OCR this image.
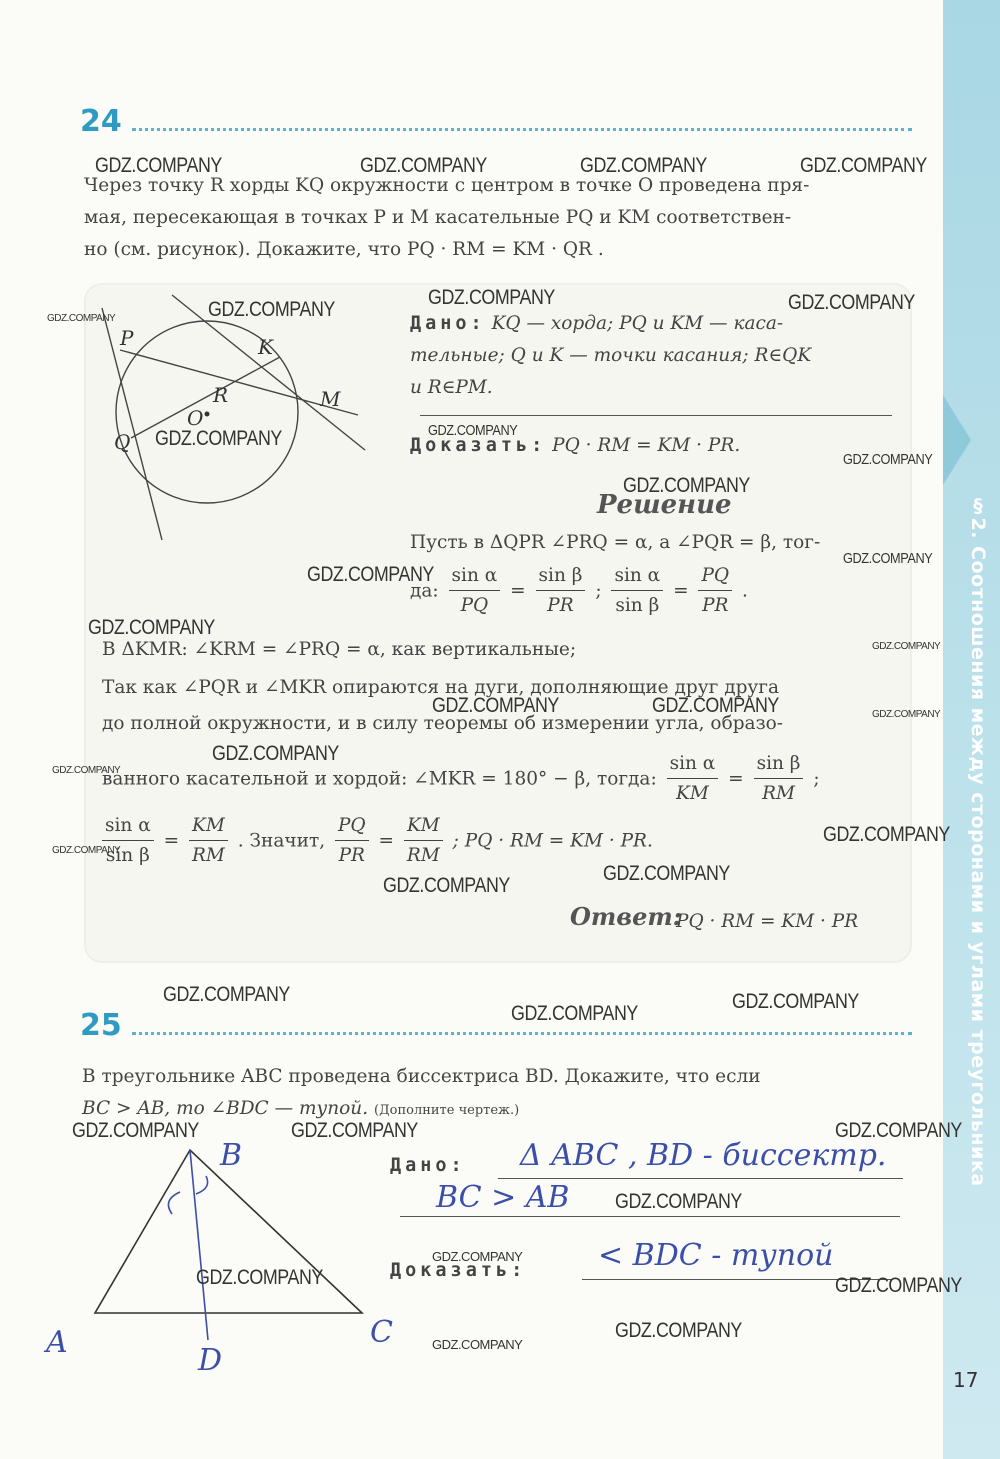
§2. Соотношения между сторонами и углами треугольника
24
Через точку R хорды KQ окружности с центром в точке O проведена пря-
мая, пересекающая в точках P и M касательные PQ и KM соответствен-
но (см. рисунок). Докажите, что PQ · RM = KM · QR .
P	K
R	M
O
Q
Дано: KQ — хорда; PQ и KM — каса-
тельные; Q и K — точки касания; R∈QK
и R∈PM.
Доказать: PQ · RM = KM · PR.
Решение
Пусть в ΔQPR ∠PRQ = α, а ∠PQR = β, тог-
да: $\frac{\text{sin α}}{PQ} = \frac{\text{sin β}}{PR}$ ; $\frac{\text{sin α}}{\text{sin β}} = \frac{PQ}{PR}$ .
В ΔKMR: ∠KRM = ∠PRQ = α, как вертикальные;
Так как ∠PQR и ∠MKR опираются на дуги, дополняющие друг друга
до полной окружности, и в силу теоремы об измерении угла, образо-
ванного касательной и хордой: ∠MKR = 180° − β, тогда: $\frac{\text{sin α}}{KM} = \frac{\text{sin β}}{RM}$ ;
$\frac{\text{sin α}}{\text{sin β}} = \frac{KM}{RM}$ . Значит, $\frac{PQ}{PR} = \frac{KM}{RM}$ ; PQ · RM = KM · PR.
Ответ:
PQ · RM = KM · PR
25
В треугольнике ABC проведена биссектриса BD. Докажите, что если
BC > AB, то ∠BDC — тупой. (Дополните чертеж.)
B
A	C
D
Дано: Δ ABC , BD - биссектр.
BC > AB
Доказать: < BDC - тупой
17
GDZ.COMPANY	GDZ.COMPANY	GDZ.COMPANY	GDZ.COMPANY
GDZ.COMPANY	GDZ.COMPANY
GDZ.COMPANY	GDZ.COMPANY
GDZ.COMPANY	GDZ.COMPANY
GDZ.COMPANY
GDZ.COMPANY
GDZ.COMPANY
GDZ.COMPANY
GDZ.COMPANY
GDZ.COMPANY
GDZ.COMPANY	GDZ.COMPANY	GDZ.COMPANY
GDZ.COMPANY
GDZ.COMPANY
GDZ.COMPANY
GDZ.COMPANY
GDZ.COMPANY
GDZ.COMPANY
GDZ.COMPANY	GDZ.COMPANY
GDZ.COMPANY
GDZ.COMPANY	GDZ.COMPANY	GDZ.COMPANY
GDZ.COMPANY
GDZ.COMPANY
GDZ.COMPANY	GDZ.COMPANY
GDZ.COMPANY
GDZ.COMPANY
